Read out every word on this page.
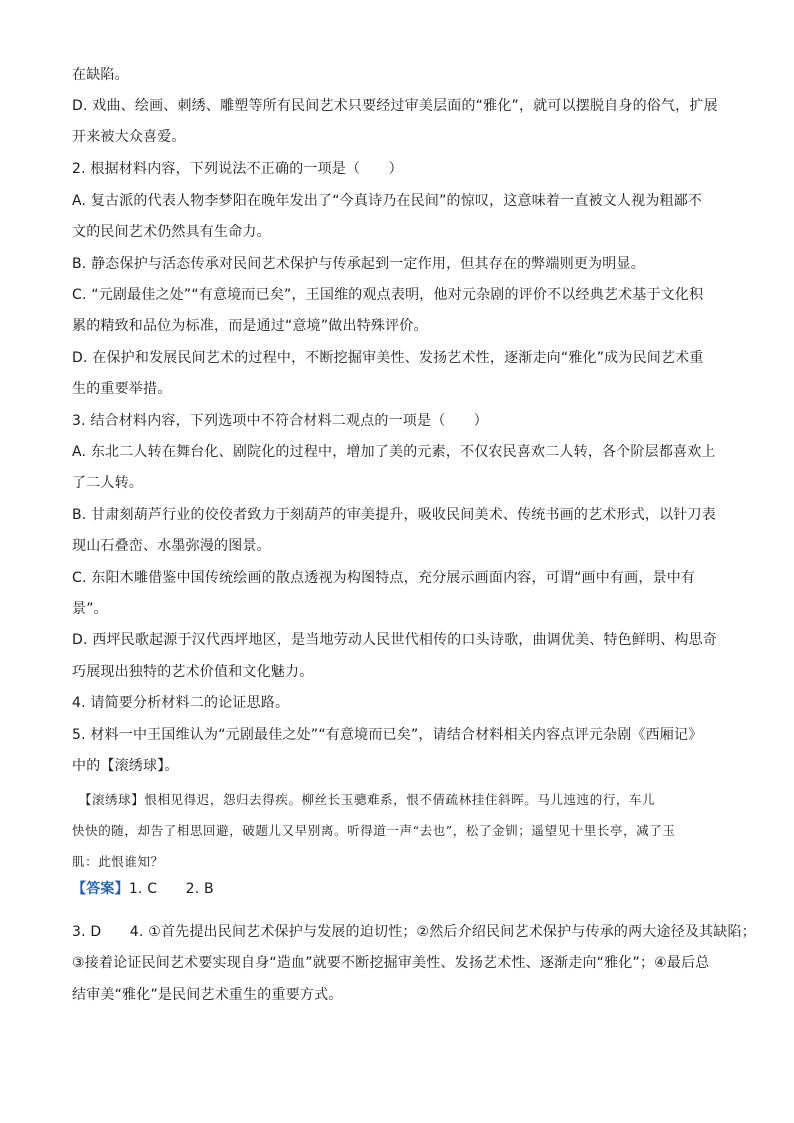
在缺陷。
D. 戏曲、绘画、刺绣、雕塑等所有民间艺术只要经过审美层面的“雅化”，就可以摆脱自身的俗气，扩展
开来被大众喜爱。
2. 根据材料内容，下列说法不正确的一项是（　　）
A. 复古派的代表人物李梦阳在晚年发出了“今真诗乃在民间”的惊叹，这意味着一直被文人视为粗鄙不
文的民间艺术仍然具有生命力。
B. 静态保护与活态传承对民间艺术保护与传承起到一定作用，但其存在的弊端则更为明显。
C. “元剧最佳之处”“有意境而已矣”，王国维的观点表明，他对元杂剧的评价不以经典艺术基于文化积
累的精致和品位为标准，而是通过“意境”做出特殊评价。
D. 在保护和发展民间艺术的过程中，不断挖掘审美性、发扬艺术性，逐渐走向“雅化”成为民间艺术重
生的重要举措。
3. 结合材料内容，下列选项中不符合材料二观点的一项是（　　）
A. 东北二人转在舞台化、剧院化的过程中，增加了美的元素，不仅农民喜欢二人转，各个阶层都喜欢上
了二人转。
B. 甘肃刻葫芦行业的佼佼者致力于刻葫芦的审美提升，吸收民间美术、传统书画的艺术形式，以针刀表
现山石叠峦、水墨弥漫的图景。
C. 东阳木雕借鉴中国传统绘画的散点透视为构图特点，充分展示画面内容，可谓“画中有画，景中有
景”。
D. 西坪民歌起源于汉代西坪地区，是当地劳动人民世代相传的口头诗歌，曲调优美、特色鲜明、构思奇
巧展现出独特的艺术价值和文化魅力。
4. 请简要分析材料二的论证思路。
5. 材料一中王国维认为“元剧最佳之处”“有意境而已矣”，请结合材料相关内容点评元杂剧《西厢记》
中的【滚绣球】。
　【滚绣球】恨相见得迟，怨归去得疾。柳丝长玉骢难系，恨不倩疏林挂住斜晖。马儿迍迍的行，车儿
快快的随，却告了相思回避，破题儿又早别离。听得道一声“去也”，松了金钏；遥望见十里长亭，减了玉
肌：此恨谁知？
【答案】1. C　　2. B
3. D　　4. ①首先提出民间艺术保护与发展的迫切性；②然后介绍民间艺术保护与传承的两大途径及其缺陷；
③接着论证民间艺术要实现自身“造血”就要不断挖掘审美性、发扬艺术性、逐渐走向“雅化”；④最后总
结审美“雅化”是民间艺术重生的重要方式。
